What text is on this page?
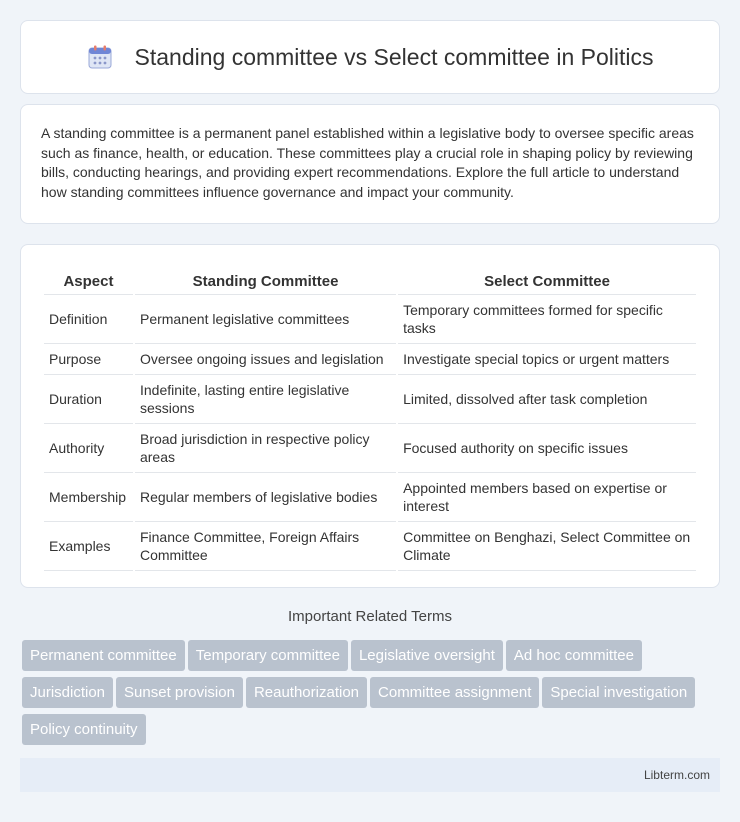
Standing committee vs Select committee in Politics

A standing committee is a permanent panel established within a legislative body to oversee specific areas such as finance, health, or education. These committees play a crucial role in shaping policy by reviewing bills, conducting hearings, and providing expert recommendations. Explore the full article to understand how standing committees influence governance and impact your community.

Aspect	Standing Committee	Select Committee
Definition	Permanent legislative committees	Temporary committees formed for specific tasks
Purpose	Oversee ongoing issues and legislation	Investigate special topics or urgent matters
Duration	Indefinite, lasting entire legislative sessions	Limited, dissolved after task completion
Authority	Broad jurisdiction in respective policy areas	Focused authority on specific issues
Membership	Regular members of legislative bodies	Appointed members based on expertise or interest
Examples	Finance Committee, Foreign Affairs Committee	Committee on Benghazi, Select Committee on Climate
Important Related Terms
Permanent committee	Temporary committee	Legislative oversight	Ad hoc committee
Jurisdiction	Sunset provision	Reauthorization	Committee assignment	Special investigation
Policy continuity
Libterm.com
